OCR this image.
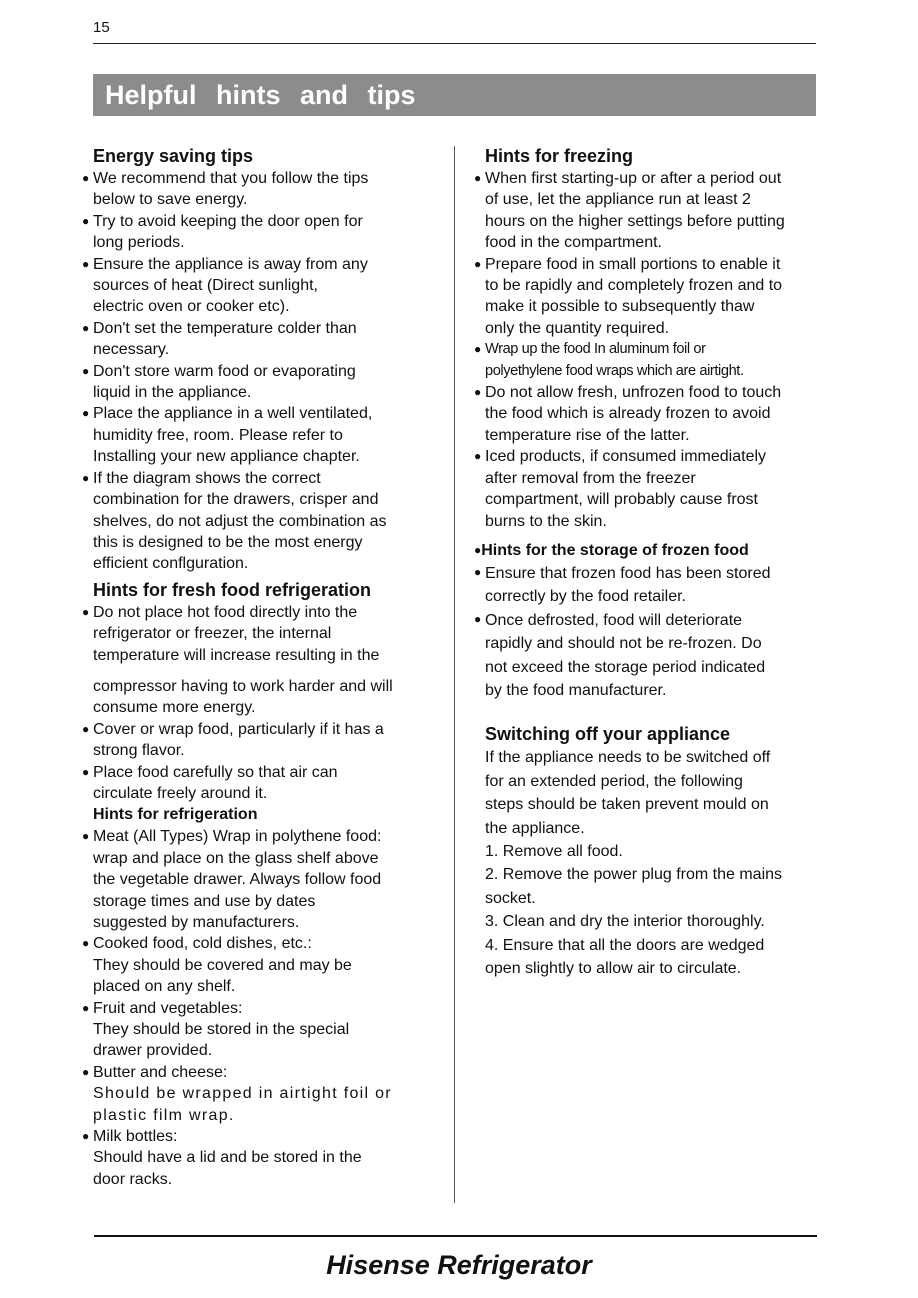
15
Helpful hints and tips
Energy saving tips
● We recommend that you follow the tips
below to save energy.
● Try to avoid keeping the door open for
long periods.
● Ensure the appliance is away from any
sources of heat (Direct sunlight,
electric oven or cooker etc).
● Don't set the temperature colder than
necessary.
● Don't store warm food or evaporating
liquid in the appliance.
● Place the appliance in a well ventilated,
humidity free, room. Please refer to
Installing your new appliance chapter.
● If the diagram shows the correct
combination for the drawers, crisper and
shelves, do not adjust the combination as
this is designed to be the most energy
efficient conflguration.
Hints for fresh food refrigeration
● Do not place hot food directly into the
refrigerator or freezer, the internal
temperature will increase resulting in the
compressor having to work harder and will
consume more energy.
● Cover or wrap food, particularly if it has a
strong flavor.
● Place food carefully so that air can
circulate freely around it.
Hints for refrigeration
● Meat (All Types) Wrap in polythene food:
wrap and place on the glass shelf above
the vegetable drawer. Always follow food
storage times and use by dates
suggested by manufacturers.
● Cooked food, cold dishes, etc.:
They should be covered and may be
placed on any shelf.
● Fruit and vegetables:
They should be stored in the special
drawer provided.
● Butter and cheese:
Should be wrapped in airtight foil or
plastic film wrap.
● Milk bottles:
Should have a lid and be stored in the
door racks.
Hints for freezing
● When first starting-up or after a period out
of use, let the appliance run at least 2
hours on the higher settings before putting
food in the compartment.
● Prepare food in small portions to enable it
to be rapidly and completely frozen and to
make it possible to subsequently thaw
only the quantity required.
● Wrap up the food In aluminum foil or
polyethylene food wraps which are airtight.
● Do not allow fresh, unfrozen food to touch
the food which is already frozen to avoid
temperature rise of the latter.
● Iced products, if consumed immediately
after removal from the freezer
compartment, will probably cause frost
burns to the skin.
●Hints for the storage of frozen food
● Ensure that frozen food has been stored
correctly by the food retailer.
● Once defrosted, food will deteriorate
rapidly and should not be re-frozen. Do
not exceed the storage period indicated
by the food manufacturer.
Switching off your appliance
If the appliance needs to be switched off
for an extended period, the following
steps should be taken prevent mould on
the appliance.
1. Remove all food.
2. Remove the power plug from the mains
socket.
3. Clean and dry the interior thoroughly.
4. Ensure that all the doors are wedged
open slightly to allow air to circulate.
Hisense Refrigerator
